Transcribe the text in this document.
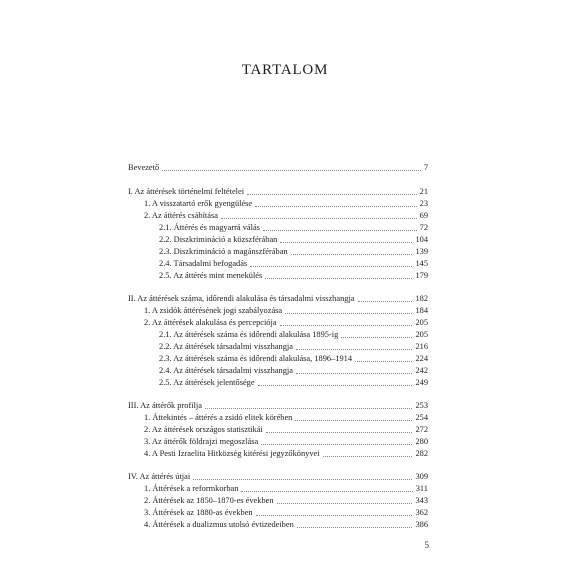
TARTALOM
Bevezető	7
I. Az áttérések történelmi feltételei	21
1. A visszatartó erők gyengülése	23
2. Az áttérés csábítása	69
2.1. Áttérés és magyarrá válás	72
2.2. Diszkrimináció a közszférában	104
2.3. Diszkrimináció a magánszférában	139
2.4. Társadalmi befogadás	145
2.5. Az áttérés mint menekülés	179
II. Az áttérések száma, időrendi alakulása és társadalmi visszhangja	182
1. A zsidók áttérésének jogi szabályozása	184
2. Az áttérések alakulása és percepciója	205
2.1. Az áttérések száma és időrendi alakulása 1895-ig	205
2.2. Az áttérések társadalmi visszhangja	216
2.3. Az áttérések száma és időrendi alakulása, 1896–1914	224
2.4. Az áttérések társadalmi visszhangja	242
2.5. Az áttérések jelentősége	249
III. Az áttérők profilja	253
1. Áttekintés – áttérés a zsidó elitek körében	254
2. Az áttérések országos statisztikái	272
3. Az áttérők földrajzi megoszlása	280
4. A Pesti Izraelita Hitközség kitérési jegyzőkönyvei	282
IV. Az áttérés útjai	309
1. Áttérések a reformkorban	311
2. Áttérések az 1850–1870-es években	343
3. Áttérések az 1880-as években	362
4. Áttérések a dualizmus utolsó évtizedeiben	386
5
